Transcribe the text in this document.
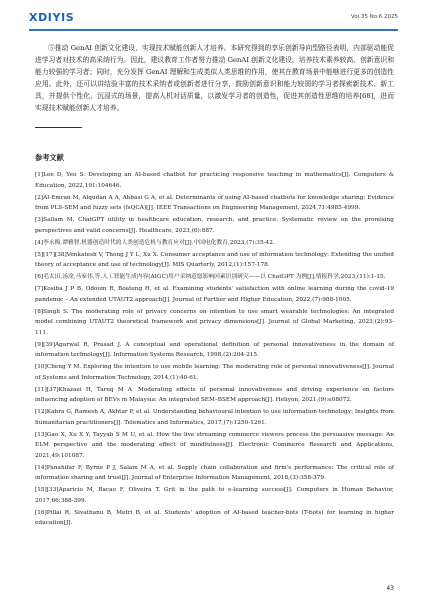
XDIYIS	Vol.35 No.6 2025

⑤推动 GenAI 创新文化建设，实现技术赋能创新人才培养。本研究得到的享乐创新导向型路径表明，内部驱动能促进学习者对技术的高采纳行为。因此，建议教育工作者努力推动 GenAI 创新文化建设，培养技术素养较高、创新意识和能力较强的学习者；同时，充分发挥 GenAI 理解和生成类似人类思维的作用，使其在教育场景中能够进行更多的创造性应用。此外，还可以讲结验丰富的技术采纳者或创新者进行分享，鼓励创新意识和能力较弱的学习者探索新技术、新工具，并提供个性化、沉浸式的场景，提高人机对话质量，以激发学习者的创造性，促进其创造性思维的培养[68]，进而实现技术赋能创新人才培养。

参考文献
[1]Lee D, Yeo S. Developing an AI-based chatbot for practicing responsive teaching in mathematics[J]. Computers & Education, 2022,191:104646.
[2]Al-Emran M, Alqudan A A, Abbasi G A, et al. Determinants of using AI-based chatbots for knowledge sharing: Evidence from PLS-SEM and fuzzy sets (fsQCA)[J]. IEEE Transactions on Engineering Management, 2024,71:4985-4999.
[3]Sallam M. ChatGPT utility in healthcare education, research, and practice: Systematic review on the promising perspectives and valid concerns[J]. Healthcare, 2023,(6):887.
[4]李永梅,谭雅智.机器创造时代的人类创造危机与教育应对[J].中国电化教育,2023,(7):35-42.
[5][17][38]Venkatesh V, Thong J Y L, Xu X. Consumer acceptance and use of information technology: Extending the unified theory of acceptance and use of technology[J]. MIS Quarterly, 2012,(1):157-178.
[6]毛太田,汤淦,马家伟,等.人工智能生成内容(AIGC)用户采纳意愿影响因素识别研究——以 ChatGPT 为例[J].情报科学,2023,(11):1-15.
[7]Kosiba J P B, Odoom R, Boateng H, et al. Examining students' satisfaction with online learning during the covid-19 pandemic – An extended UTAUT2 approach[J]. Journal of Further and Higher Education, 2022,(7):988-1005.
[8]Singh S. The moderating role of privacy concerns on intention to use smart wearable technologies: An integrated model combining UTAUT2 theoretical framework and privacy dimensions[J]. Journal of Global Marketing, 2023,(2):93-111.
[9][39]Agarwal R, Prasad J. A conceptual and operational definition of personal innovativeness in the domain of information technology[J]. Information Systems Research, 1998,(2):204-215.
[10]Cheng Y M. Exploring the intention to use mobile learning: The moderating role of personal innovativeness[J]. Journal of Systems and Information Technology, 2014,(1):40-61.
[11][37]Khazaei H, Tareq M A. Moderating effects of personal innovativeness and driving experience on factors influencing adoption of BEVs in Malaysia: An integrated SEM–BSEM approach[J]. Heliyon, 2021,(9):e08072.
[12]Kabra G, Ramesh A, Akhtar P, et al. Understanding behavioural intention to use information technology: Insights from humanitarian practitioners[J]. Telematics and Informatics, 2017,(7):1250-1261.
[13]Gao X, Xu X Y, Tayyab S M U, et al. How the live streaming commerce viewers process the persuasive message: An ELM perspective and the moderating effect of mindfulness[J]. Electronic Commerce Research and Applications, 2021,49:101087.
[14]Panahifar F, Byrne P J, Salam M A, et al. Supply chain collaboration and firm's performance: The critical role of information sharing and trust[J]. Journal of Enterprise Information Management, 2018,(3):358-379.
[15][33]Aparicio M, Bacao F, Oliveira T. Grit in the path to e-learning success[J]. Computers in Human Behavior, 2017,66:388-399.
[16]Pillai R, Sivathanu B, Metri B, et al. Students' adoption of AI-based teacher-bots (T-bots) for learning in higher education[J].
43
